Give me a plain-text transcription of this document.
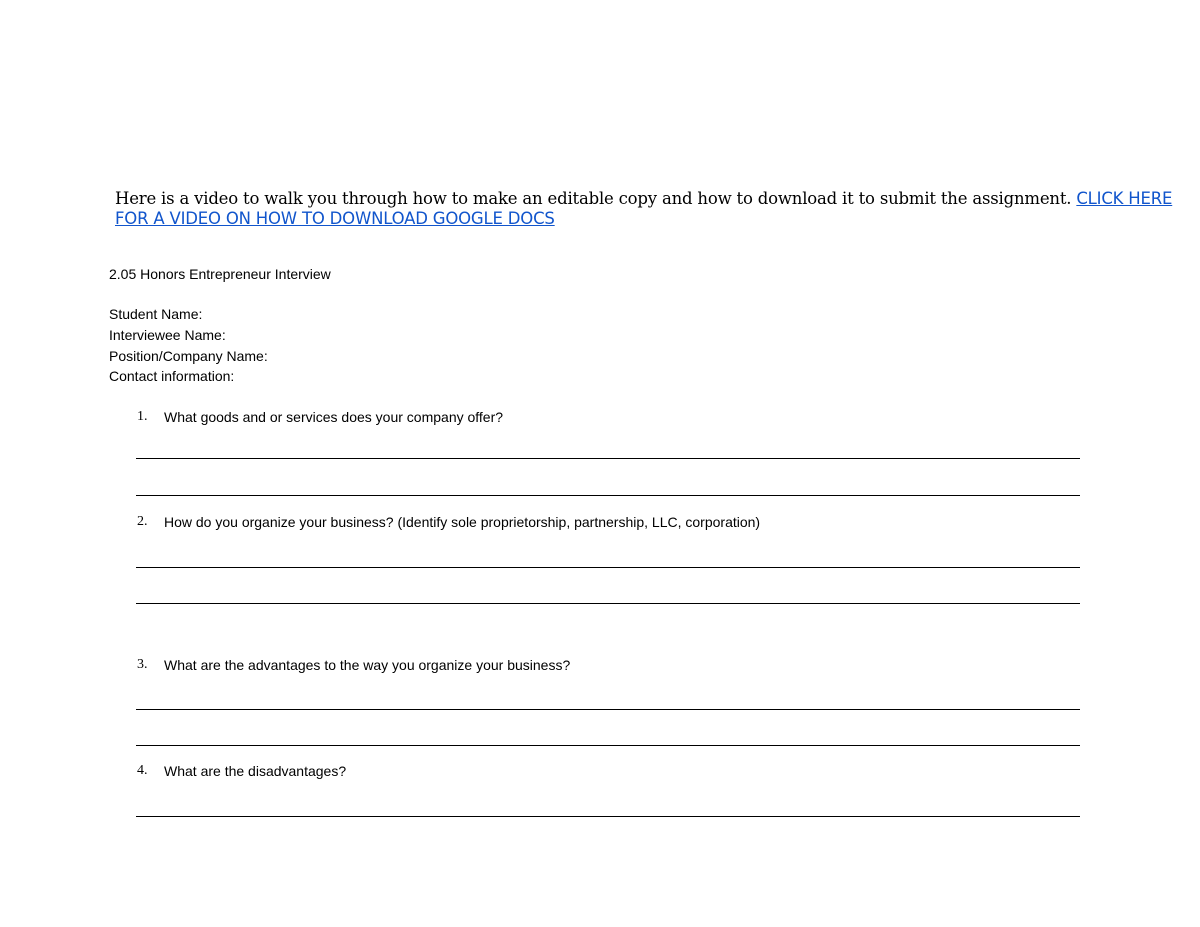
Here is a video to walk you through how to make an editable copy and how to download it to submit the assignment. CLICK HERE FOR A VIDEO ON HOW TO DOWNLOAD GOOGLE DOCS
2.05 Honors Entrepreneur Interview
Student Name:
Interviewee Name:
Position/Company Name:
Contact information:
1. What goods and or services does your company offer?
2. How do you organize your business? (Identify sole proprietorship, partnership, LLC, corporation)
3. What are the advantages to the way you organize your business?
4. What are the disadvantages?
